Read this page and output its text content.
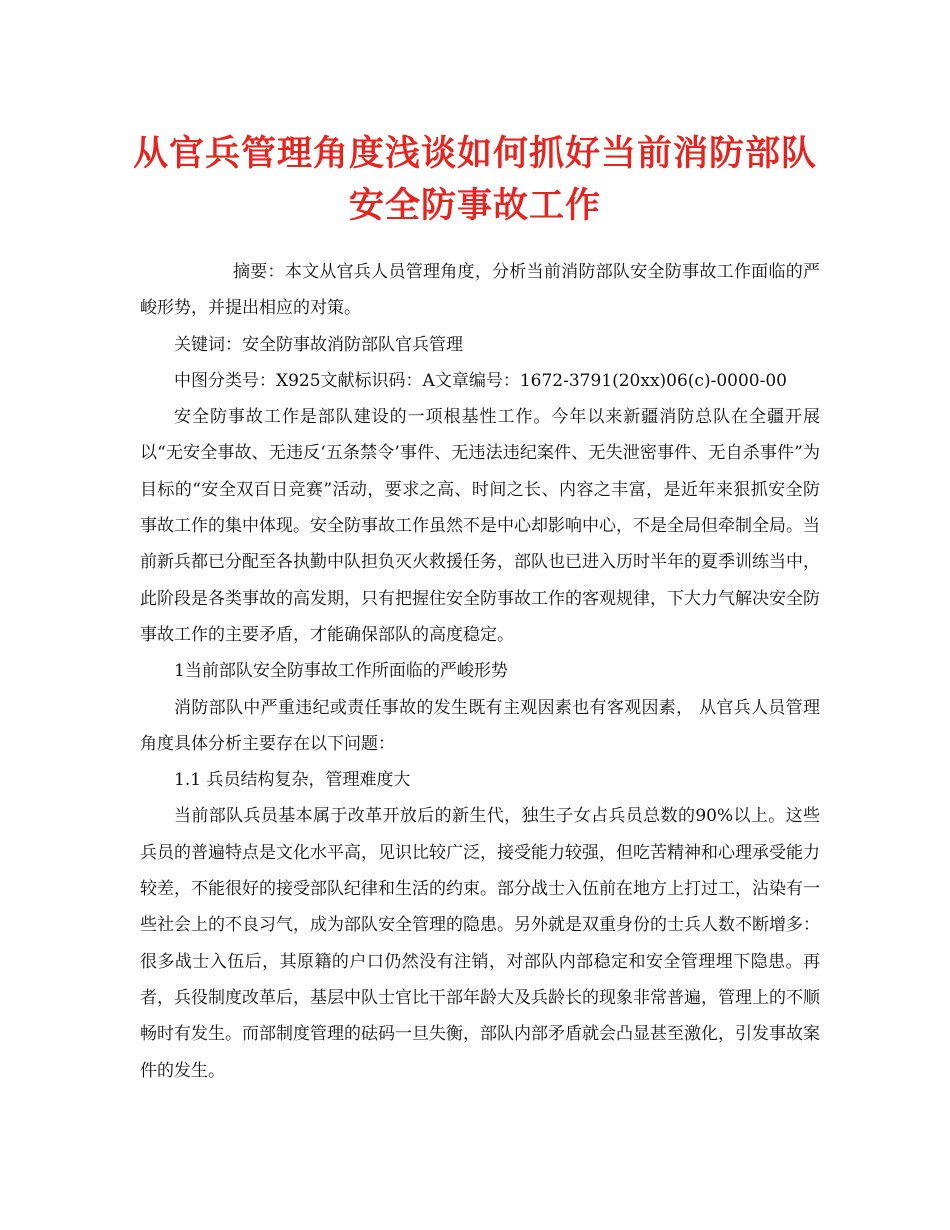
从官兵管理角度浅谈如何抓好当前消防部队
安全防事故工作

摘要：本文从官兵人员管理角度，分析当前消防部队安全防事故工作面临的严峻形势，并提出相应的对策。

关键词：安全防事故消防部队官兵管理

中图分类号：X925文献标识码：A文章编号：1672-3791(20xx)06(c)-0000-00

安全防事故工作是部队建设的一项根基性工作。今年以来新疆消防总队在全疆开展以“无安全事故、无违反‘五条禁令’事件、无违法违纪案件、无失泄密事件、无自杀事件”为目标的“安全双百日竞赛”活动，要求之高、时间之长、内容之丰富，是近年来狠抓安全防事故工作的集中体现。安全防事故工作虽然不是中心却影响中心，不是全局但牵制全局。当前新兵都已分配至各执勤中队担负灭火救援任务，部队也已进入历时半年的夏季训练当中，此阶段是各类事故的高发期，只有把握住安全防事故工作的客观规律，下大力气解决安全防事故工作的主要矛盾，才能确保部队的高度稳定。

1当前部队安全防事故工作所面临的严峻形势

消防部队中严重违纪或责任事故的发生既有主观因素也有客观因素， 从官兵人员管理角度具体分析主要存在以下问题：

1.1 兵员结构复杂，管理难度大

当前部队兵员基本属于改革开放后的新生代，独生子女占兵员总数的90%以上。这些兵员的普遍特点是文化水平高，见识比较广泛，接受能力较强，但吃苦精神和心理承受能力较差，不能很好的接受部队纪律和生活的约束。部分战士入伍前在地方上打过工，沾染有一些社会上的不良习气，成为部队安全管理的隐患。另外就是双重身份的士兵人数不断增多：很多战士入伍后，其原籍的户口仍然没有注销，对部队内部稳定和安全管理埋下隐患。再者，兵役制度改革后，基层中队士官比干部年龄大及兵龄长的现象非常普遍，管理上的不顺畅时有发生。而部制度管理的砝码一旦失衡，部队内部矛盾就会凸显甚至激化，引发事故案件的发生。
